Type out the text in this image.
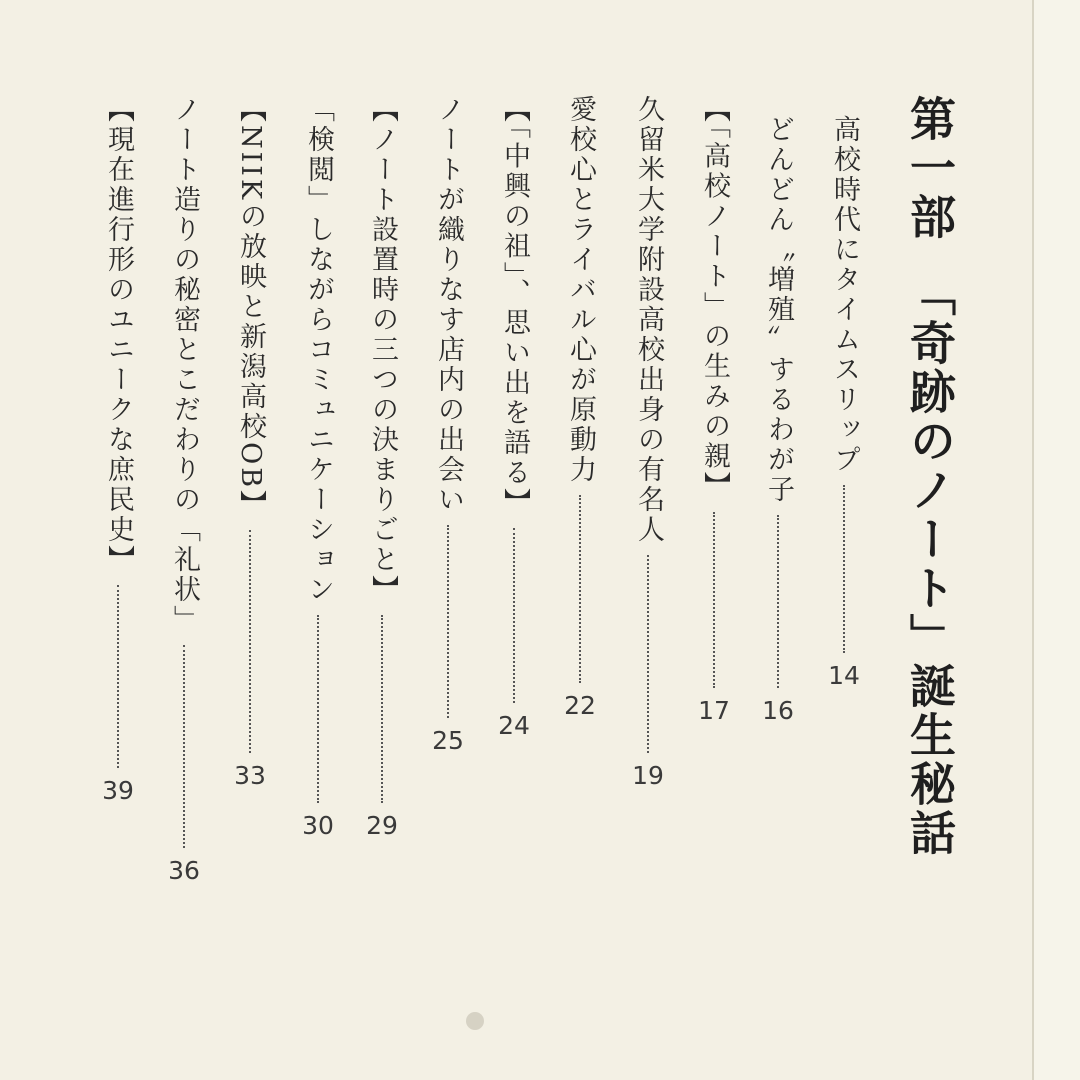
第一部「奇跡のノート」誕生秘話
高校時代にタイムスリップ
14
どんどん〝増殖〟するわが子
16
【「高校ノート」の生みの親】
17
久留米大学附設高校出身の有名人
19
愛校心とライバル心が原動力
22
【「中興の祖」、思い出を語る】
24
ノートが織りなす店内の出会い
25
【ノート設置時の三つの決まりごと】
29
「検閲」しながらコミュニケーション
30
【NIIKの放映と新潟高校OB】
33
ノート造りの秘密とこだわりの「礼状」
36
【現在進行形のユニークな庶民史】
39
